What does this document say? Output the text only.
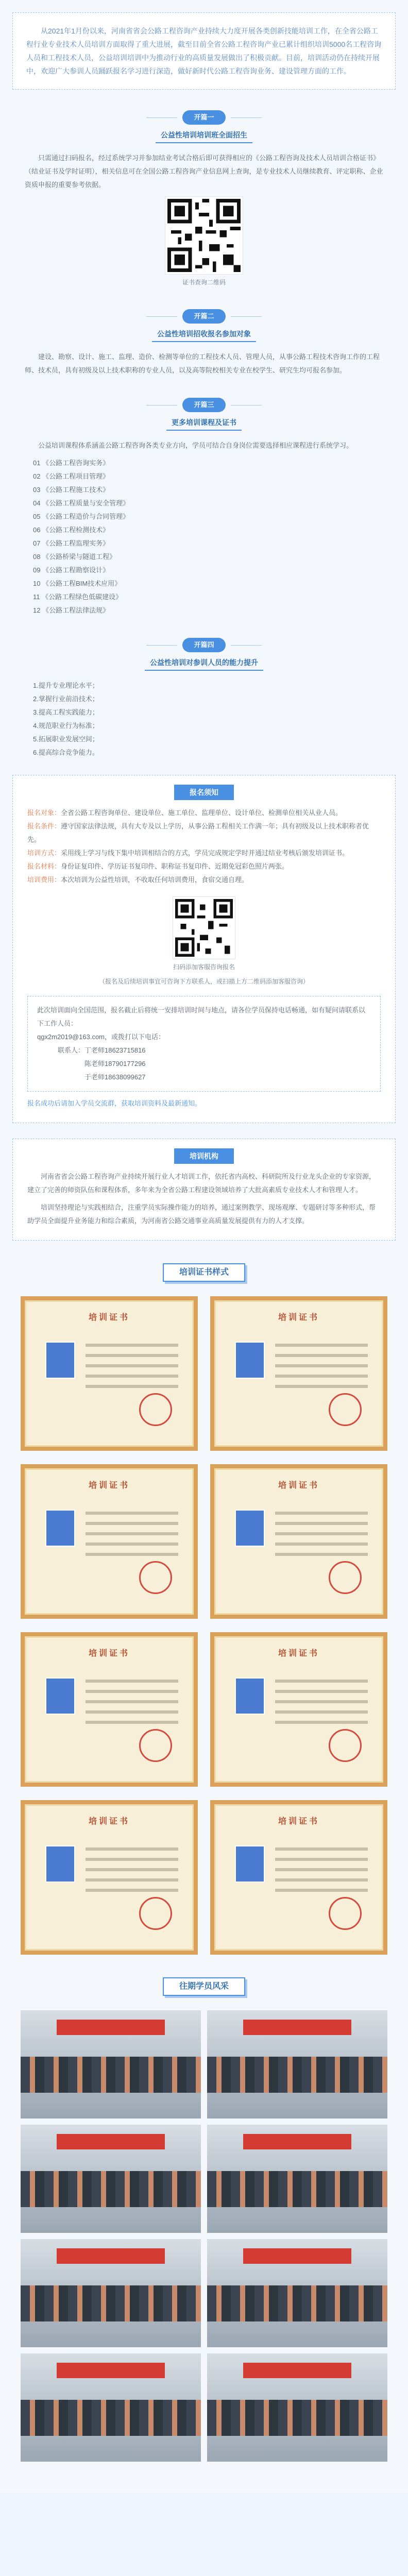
从2021年1月份以来，河南省省会公路工程咨询产业持续大力度开展各类创新技能培训工作，在全省公路工程行业专业技术人员培训方面取得了重大进展，截至目前全省公路工程咨询产业已累计组织培训5000名工程咨询人员和工程技术人员，公益培训培训中为推动行业的高质量发展做出了积极贡献。目前，培训活动仍在持续开展中，欢迎广大参训人员踊跃报名学习进行深造，做好新时代公路工程咨询业务、建设管理方面的工作。
开篇一
公益性培训培训班全面招生

只需通过扫码报名，经过系统学习并参加结业考试合格后即可获得相应的《公路工程咨询及技术人员培训合格证书》（结业证书及学时证明），相关信息可在全国公路工程咨询产业信息网上查询，是专业技术人员继续教育、评定职称、企业资质申报的重要参考依据。

证书查询二维码
开篇二
公益性培训招收报名参加对象

建设、勘察、设计、施工、监理、造价、检测等单位的工程技术人员、管理人员，从事公路工程技术咨询工作的工程师、技术员，具有初级及以上技术职称的专业人员，以及高等院校相关专业在校学生、研究生均可报名参加。

开篇三
更多培训课程及证书

公益培训课程体系涵盖公路工程咨询各类专业方向，学员可结合自身岗位需要选择相应课程进行系统学习。

01 《公路工程咨询实务》
02 《公路工程项目管理》
03 《公路工程施工技术》
04 《公路工程质量与安全管理》
05 《公路工程造价与合同管理》
06 《公路工程检测技术》
07 《公路工程监理实务》
08 《公路桥梁与隧道工程》
09 《公路工程勘察设计》
10 《公路工程BIM技术应用》
11 《公路工程绿色低碳建设》
12 《公路工程法律法规》
开篇四
公益性培训对参训人员的能力提升
1.提升专业理论水平；
2.掌握行业前沿技术；
3.提高工程实践能力；
4.规范职业行为标准；
5.拓展职业发展空间；
6.提高综合竞争能力。
报名须知

报名对象：全省公路工程咨询单位、建设单位、施工单位、监理单位、设计单位、检测单位相关从业人员。

报名条件：遵守国家法律法规，具有大专及以上学历，从事公路工程相关工作满一年；具有初级及以上技术职称者优先。

培训方式：采用线上学习与线下集中培训相结合的方式，学员完成规定学时并通过结业考核后颁发培训证书。

报名材料：身份证复印件、学历证书复印件、职称证书复印件、近期免冠彩色照片两张。

培训费用：本次培训为公益性培训，不收取任何培训费用，食宿交通自理。

扫码添加客服咨询报名
（报名及后续培训事宜可咨询下方联系人，或扫描上方二维码添加客服咨询）

此次培训面向全国范围，报名截止后将统一安排培训时间与地点，请各位学员保持电话畅通，如有疑问请联系以下工作人员：

qgx2m2019@163.com，或拨打以下电话：

联系人：丁老师18623715816

陈老师18790177296

于老师18638099627

报名成功后请加入学员交流群，获取培训资料及最新通知。

培训机构

河南省省会公路工程咨询产业持续开展行业人才培训工作，依托省内高校、科研院所及行业龙头企业的专家资源，建立了完善的师资队伍和课程体系，多年来为全省公路工程建设领域培养了大批高素质专业技术人才和管理人才。

培训坚持理论与实践相结合，注重学员实际操作能力的培养，通过案例教学、现场观摩、专题研讨等多种形式，帮助学员全面提升业务能力和综合素质，为河南省公路交通事业高质量发展提供有力的人才支撑。

培训证书样式
培训证书	培训证书
培训证书	培训证书
培训证书	培训证书
培训证书	培训证书
往期学员风采
